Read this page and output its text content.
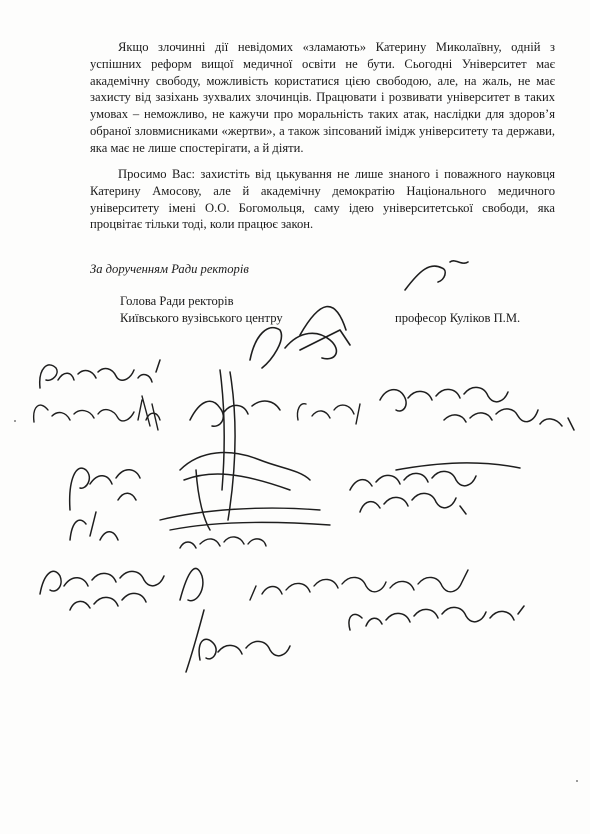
Якщо злочинні дії невідомих «зламають» Катерину Миколаївну, одній з успішних реформ вищої медичної освіти не бути. Сьогодні Університет має академічну свободу, можливість користатися цією свободою, але, на жаль, не має захисту від зазіхань зухвалих злочинців. Працювати і розвивати університет в таких умовах – неможливо, не кажучи про моральність таких атак, наслідки для здоров’я обраної зловмисниками «жертви», а також зіпсований імідж університету та держави, яка має не лише спостерігати, а й діяти.

Просимо Вас: захистіть від цькування не лише знаного і поважного науковця Катерину Амосову, але й академічну демократію Національного медичного університету імені О.О. Богомольця, саму ідею університетської свободи, яка процвітає тільки тоді, коли працює закон.

За дорученням Ради ректорів

Голова Ради ректорів

Київського вузівського центру	професор Куліков П.М.
